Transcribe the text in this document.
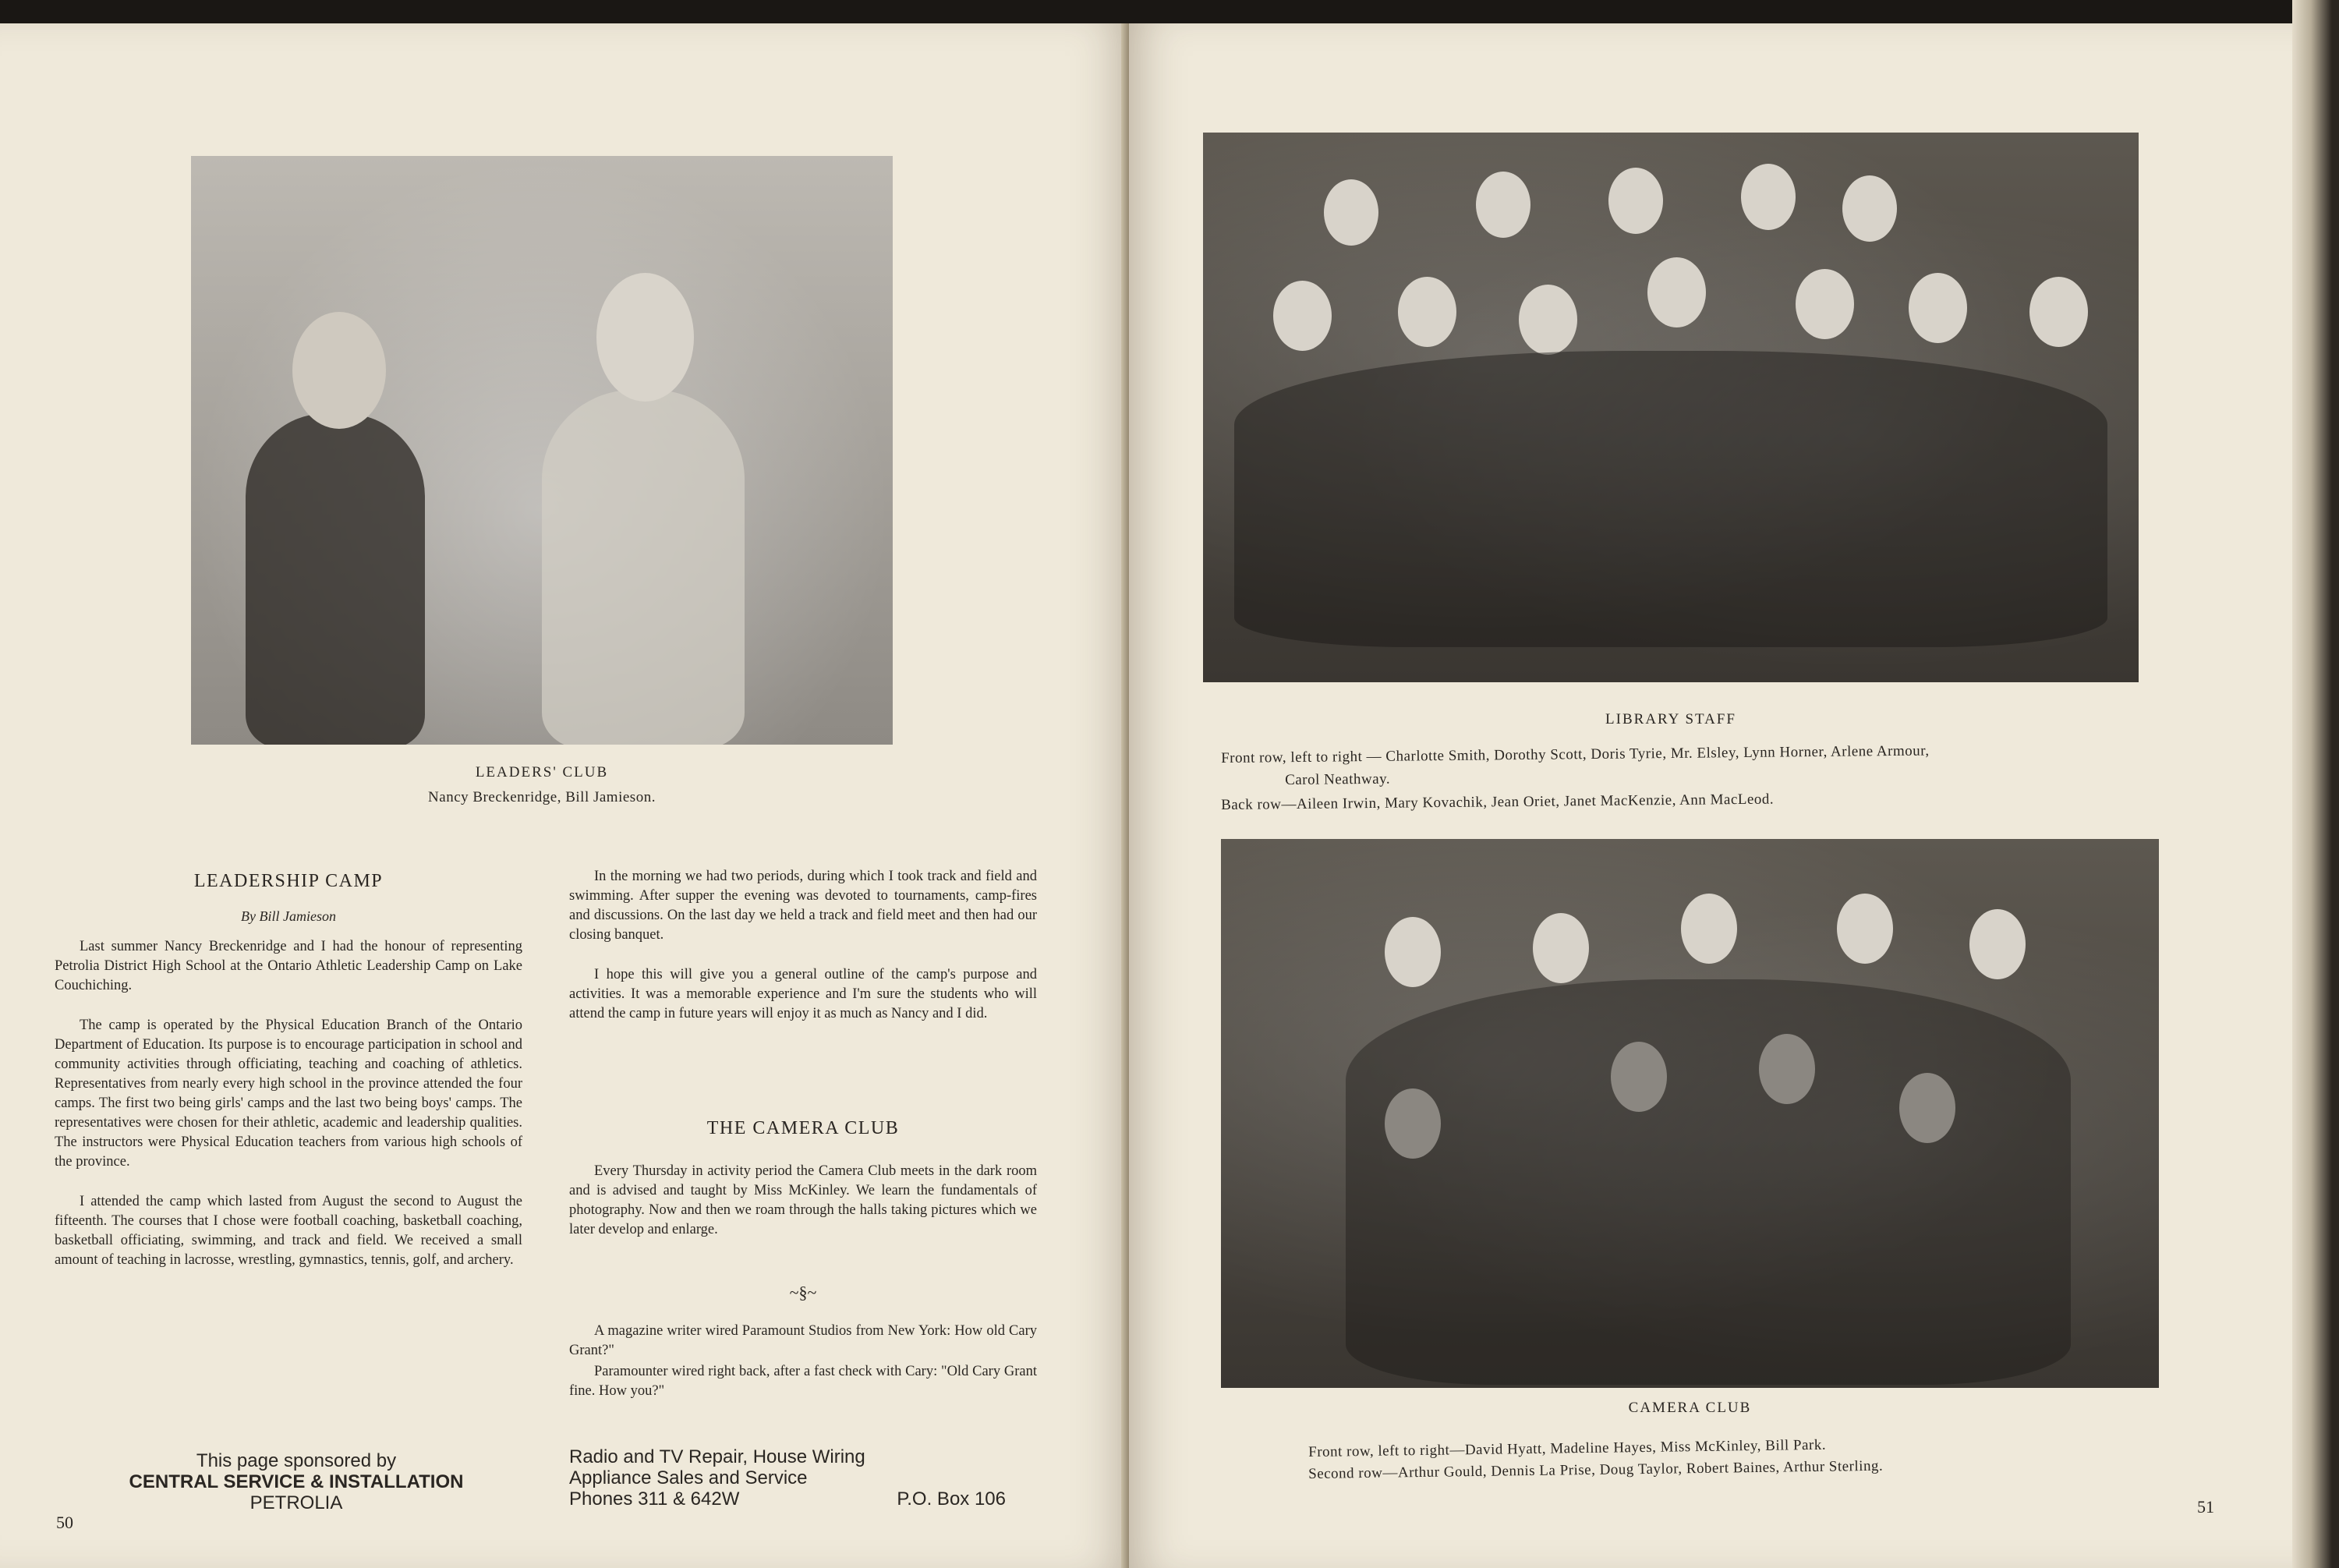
LEADERS' CLUB
Nancy Breckenridge, Bill Jamieson.
LEADERSHIP CAMP
By Bill Jamieson

Last summer Nancy Breckenridge and I had the honour of representing Petrolia District High School at the Ontario Athletic Leadership Camp on Lake Couchiching.

The camp is operated by the Physical Education Branch of the Ontario Department of Education. Its purpose is to encourage participation in school and community activities through officiating, teaching and coaching of athletics. Representatives from nearly every high school in the province attended the four camps. The first two being girls' camps and the last two being boys' camps. The representatives were chosen for their athletic, academic and leadership qualities. The instructors were Physical Education teachers from various high schools of the province.

I attended the camp which lasted from August the second to August the fifteenth. The courses that I chose were football coaching, basketball coaching, basketball officiating, swimming, and track and field. We received a small amount of teaching in lacrosse, wrestling, gymnastics, tennis, golf, and archery.

In the morning we had two periods, during which I took track and field and swimming. After supper the evening was devoted to tournaments, camp-fires and discussions. On the last day we held a track and field meet and then had our closing banquet.

I hope this will give you a general outline of the camp's purpose and activities. It was a memorable experience and I'm sure the students who will attend the camp in future years will enjoy it as much as Nancy and I did.

THE CAMERA CLUB

Every Thursday in activity period the Camera Club meets in the dark room and is advised and taught by Miss McKinley. We learn the fundamentals of photography. Now and then we roam through the halls taking pictures which we later develop and enlarge.

~§~

A magazine writer wired Paramount Studios from New York: How old Cary Grant?"

Paramounter wired right back, after a fast check with Cary: "Old Cary Grant fine. How you?"

This page sponsored by
CENTRAL SERVICE & INSTALLATION
PETROLIA
Radio and TV Repair, House Wiring
Appliance Sales and Service
Phones 311 & 642W	P.O. Box 106
50
LIBRARY STAFF
Front row, left to right — Charlotte Smith, Dorothy Scott, Doris Tyrie, Mr. Elsley, Lynn Horner, Arlene Armour,
Carol Neathway.
Back row—Aileen Irwin, Mary Kovachik, Jean Oriet, Janet MacKenzie, Ann MacLeod.
CAMERA CLUB
Front row, left to right—David Hyatt, Madeline Hayes, Miss McKinley, Bill Park.
Second row—Arthur Gould, Dennis La Prise, Doug Taylor, Robert Baines, Arthur Sterling.
51
